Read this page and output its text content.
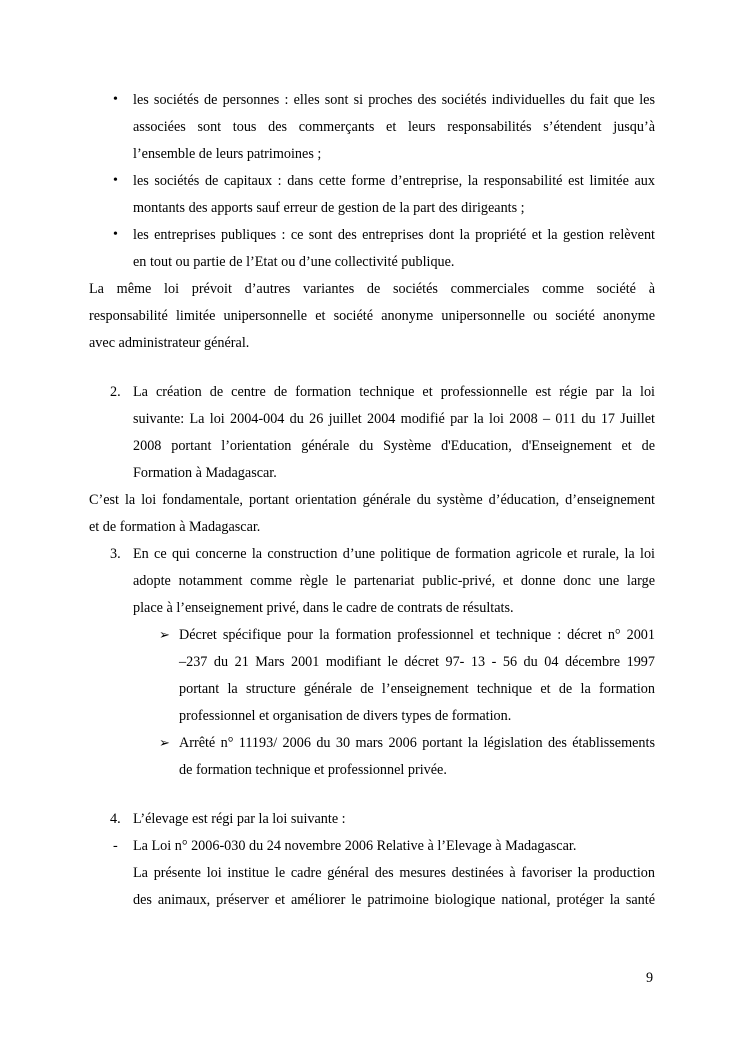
• les sociétés de personnes : elles sont si proches des sociétés individuelles du fait que les
associées sont tous des commerçants et leurs responsabilités s’étendent jusqu’à
l’ensemble de leurs patrimoines ;
• les sociétés de capitaux : dans cette forme d’entreprise, la responsabilité est limitée aux
montants des apports sauf erreur de gestion de la part des dirigeants ;
• les entreprises publiques : ce sont des entreprises dont la propriété et la gestion relèvent
en tout ou partie de l’Etat ou d’une collectivité publique.
La même loi prévoit d’autres variantes de sociétés commerciales comme société à
responsabilité limitée unipersonnelle et société anonyme unipersonnelle ou société anonyme
avec administrateur général.
2. La création de centre de formation technique et professionnelle est régie par la loi
suivante: La loi 2004-004 du 26 juillet 2004 modifié par la loi 2008 – 011 du 17 Juillet
2008 portant l’orientation générale du Système d'Education, d'Enseignement et de
Formation à Madagascar.
C’est la loi fondamentale, portant orientation générale du système d’éducation, d’enseignement
et de formation à Madagascar.
3. En ce qui concerne la construction d’une politique de formation agricole et rurale, la loi
adopte notamment comme règle le partenariat public-privé, et donne donc une large
place à l’enseignement privé, dans le cadre de contrats de résultats.
➢ Décret spécifique pour la formation professionnel et technique : décret n° 2001
–237 du 21 Mars 2001 modifiant le décret 97- 13 - 56 du 04 décembre 1997
portant la structure générale de l’enseignement technique et de la formation
professionnel et organisation de divers types de formation.
➢ Arrêté n° 11193/ 2006 du 30 mars 2006 portant la législation des établissements
de formation technique et professionnel privée.
4. L’élevage est régi par la loi suivante :
- La Loi n° 2006-030 du 24 novembre 2006 Relative à l’Elevage à Madagascar.
La présente loi institue le cadre général des mesures destinées à favoriser la production
des animaux, préserver et améliorer le patrimoine biologique national, protéger la santé
9
